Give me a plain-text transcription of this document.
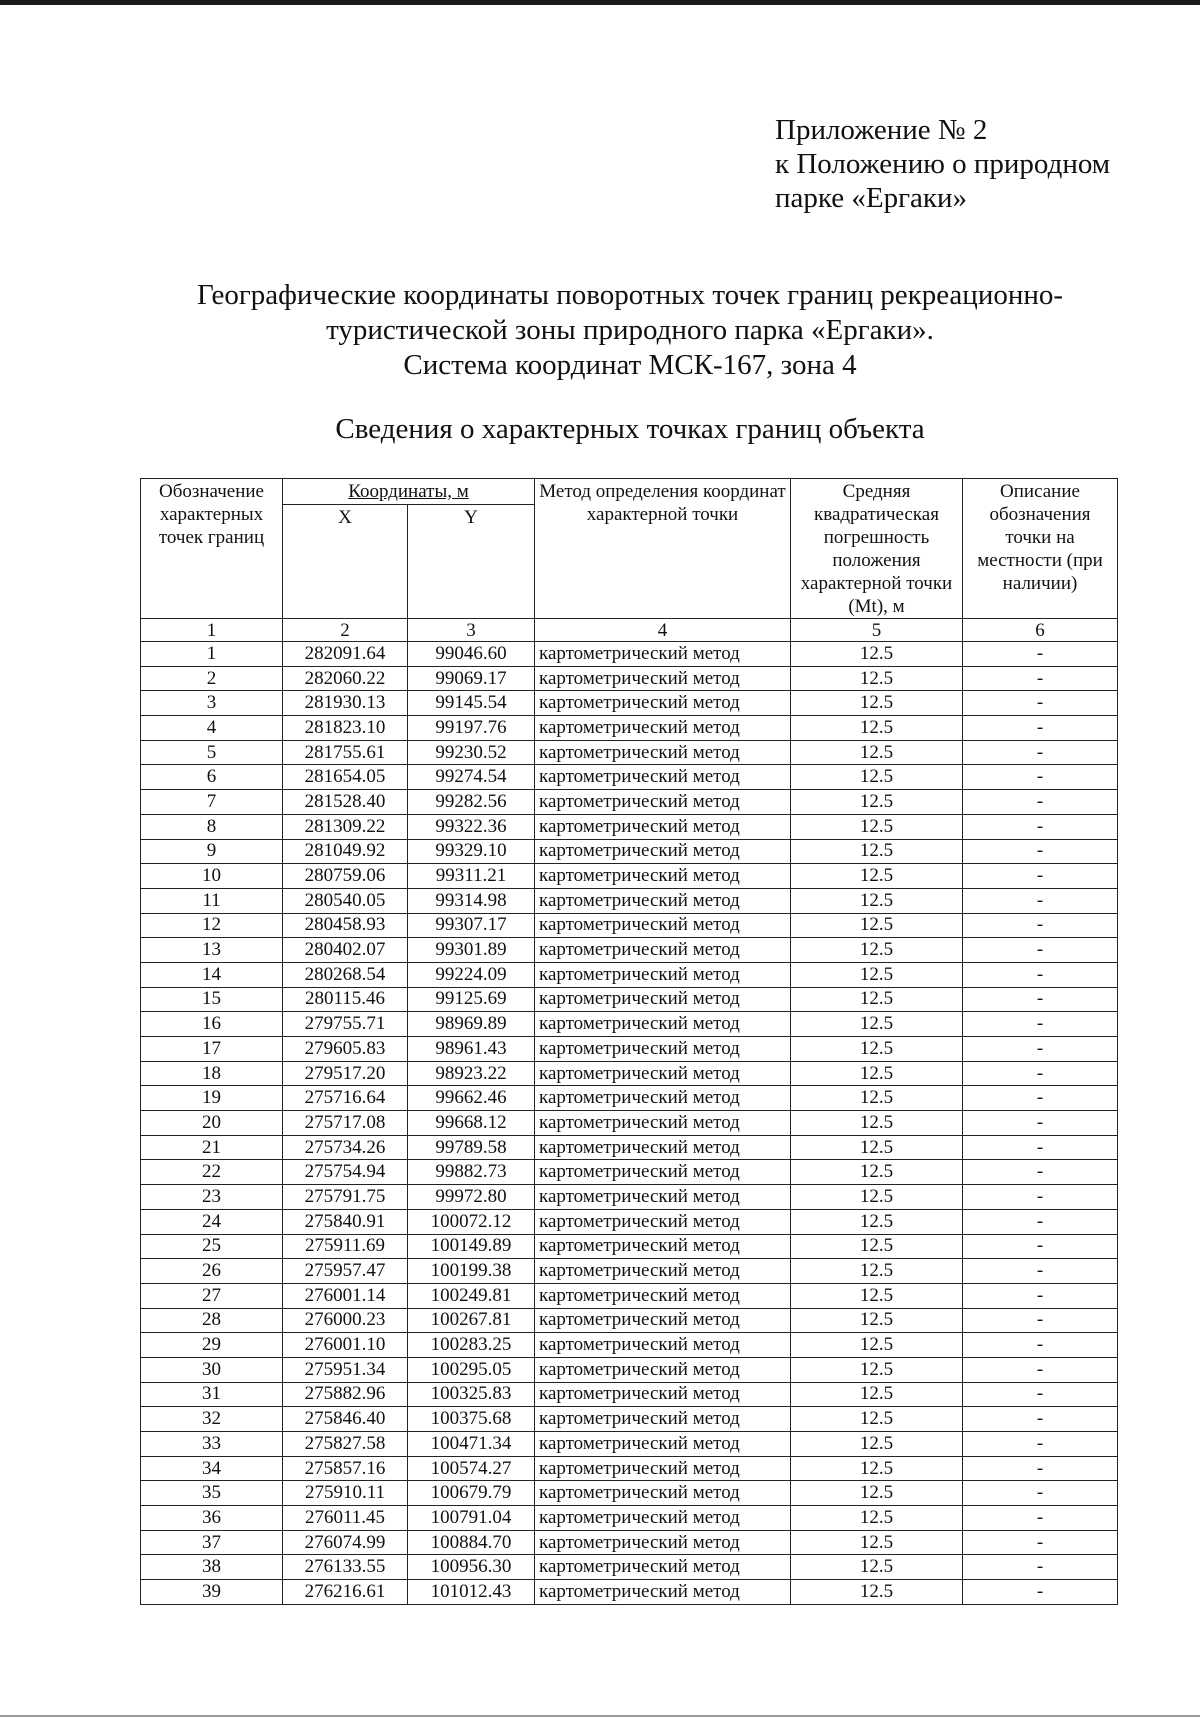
Приложение № 2
к Положению о природном
парке «Ергаки»
Географические координаты поворотных точек границ рекреационно-
туристической зоны природного парка «Ергаки».
Система координат МСК-167, зона 4
Сведения о характерных точках границ объекта
Обозначение характерных точек границ	Координаты, м		Метод определения координат характерной точки	Средняя квадратическая погрешность положения характерной точки (Mt), м	Описание обозначения точки на местности (при наличии)
	X	Y			
1	2	3	4	5	6
1	282091.64	99046.60	картометрический метод	12.5	-
2	282060.22	99069.17	картометрический метод	12.5	-
3	281930.13	99145.54	картометрический метод	12.5	-
4	281823.10	99197.76	картометрический метод	12.5	-
5	281755.61	99230.52	картометрический метод	12.5	-
6	281654.05	99274.54	картометрический метод	12.5	-
7	281528.40	99282.56	картометрический метод	12.5	-
8	281309.22	99322.36	картометрический метод	12.5	-
9	281049.92	99329.10	картометрический метод	12.5	-
10	280759.06	99311.21	картометрический метод	12.5	-
11	280540.05	99314.98	картометрический метод	12.5	-
12	280458.93	99307.17	картометрический метод	12.5	-
13	280402.07	99301.89	картометрический метод	12.5	-
14	280268.54	99224.09	картометрический метод	12.5	-
15	280115.46	99125.69	картометрический метод	12.5	-
16	279755.71	98969.89	картометрический метод	12.5	-
17	279605.83	98961.43	картометрический метод	12.5	-
18	279517.20	98923.22	картометрический метод	12.5	-
19	275716.64	99662.46	картометрический метод	12.5	-
20	275717.08	99668.12	картометрический метод	12.5	-
21	275734.26	99789.58	картометрический метод	12.5	-
22	275754.94	99882.73	картометрический метод	12.5	-
23	275791.75	99972.80	картометрический метод	12.5	-
24	275840.91	100072.12	картометрический метод	12.5	-
25	275911.69	100149.89	картометрический метод	12.5	-
26	275957.47	100199.38	картометрический метод	12.5	-
27	276001.14	100249.81	картометрический метод	12.5	-
28	276000.23	100267.81	картометрический метод	12.5	-
29	276001.10	100283.25	картометрический метод	12.5	-
30	275951.34	100295.05	картометрический метод	12.5	-
31	275882.96	100325.83	картометрический метод	12.5	-
32	275846.40	100375.68	картометрический метод	12.5	-
33	275827.58	100471.34	картометрический метод	12.5	-
34	275857.16	100574.27	картометрический метод	12.5	-
35	275910.11	100679.79	картометрический метод	12.5	-
36	276011.45	100791.04	картометрический метод	12.5	-
37	276074.99	100884.70	картометрический метод	12.5	-
38	276133.55	100956.30	картометрический метод	12.5	-
39	276216.61	101012.43	картометрический метод	12.5	-
